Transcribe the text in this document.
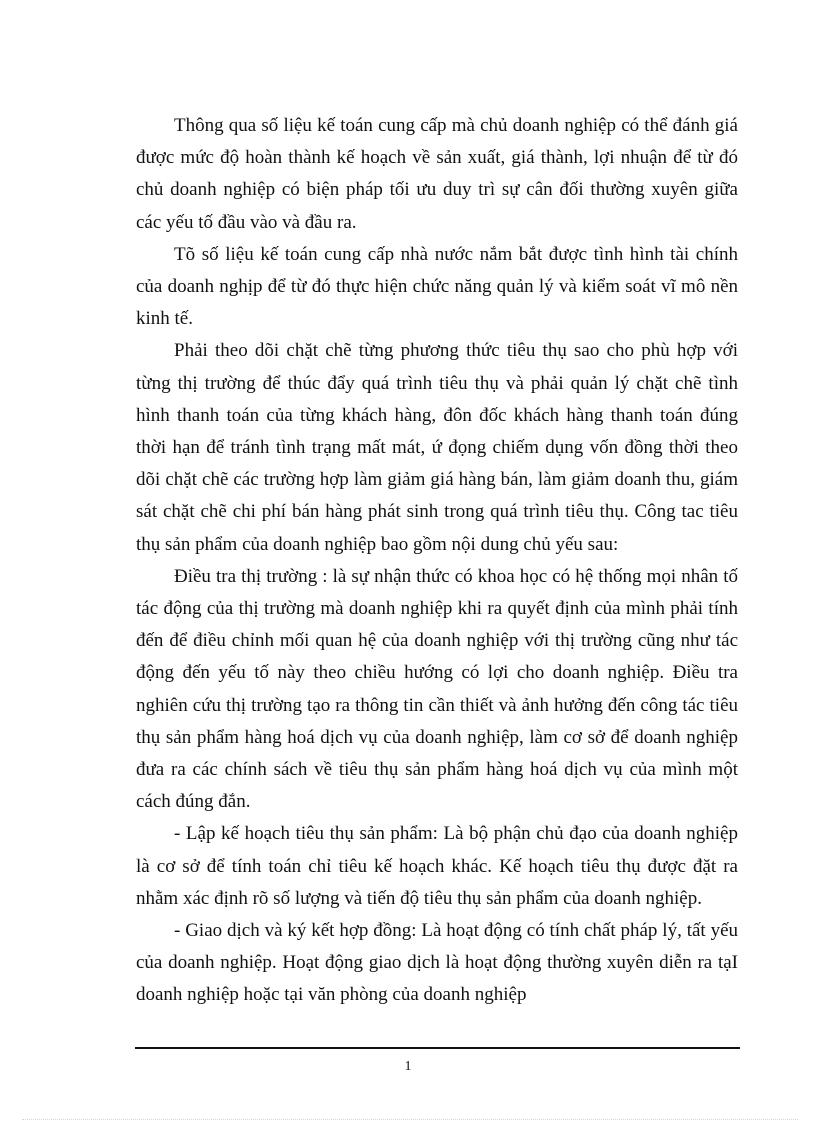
Thông qua số liệu kế toán cung cấp mà chủ doanh nghiệp có thể đánh giá được mức độ hoàn thành kế hoạch về sản xuất, giá thành, lợi nhuận để từ đó chủ doanh nghiệp có biện pháp tối ưu duy trì sự cân đối thường xuyên giữa các yếu tố đầu vào và đầu ra.

Tõ số liệu kế toán cung cấp nhà nước nắm bắt được tình hình tài chính của doanh nghịp để từ đó thực hiện chức năng quản lý và kiểm soát vĩ mô nền kinh tế.

Phải theo dõi chặt chẽ từng phương thức tiêu thụ sao cho phù hợp với từng thị trường để thúc đẩy quá trình tiêu thụ và phải quản lý chặt chẽ tình hình thanh toán của từng khách hàng, đôn đốc khách hàng thanh toán đúng thời hạn để tránh tình trạng mất mát, ứ đọng chiếm dụng vốn đồng thời theo dõi chặt chẽ các trường hợp làm giảm giá hàng bán, làm giảm doanh thu, giám sát chặt chẽ chi phí bán hàng phát sinh trong quá trình tiêu thụ. Công tac tiêu thụ sản phẩm của doanh nghiệp bao gồm nội dung chủ yếu sau:

Điều tra thị trường : là sự nhận thức có khoa học có hệ thống mọi nhân tố tác động của thị trường mà doanh nghiệp khi ra quyết định của mình phải tính đến để điều chỉnh mối quan hệ của doanh nghiệp với thị trường cũng như tác động đến yếu tố này theo chiều hướng có lợi cho doanh nghiệp. Điều tra nghiên cứu thị trường tạo ra thông tin cần thiết và ảnh hưởng đến công tác tiêu thụ sản phẩm hàng hoá dịch vụ của doanh nghiệp, làm cơ sở để doanh nghiệp đưa ra các chính sách về tiêu thụ sản phẩm hàng hoá dịch vụ của mình một cách đúng đắn.

- Lập kế hoạch tiêu thụ sản phẩm: Là bộ phận chủ đạo của doanh nghiệp là cơ sở để tính toán chỉ tiêu kế hoạch khác. Kế hoạch tiêu thụ được đặt ra nhằm xác định rõ số lượng và tiến độ tiêu thụ sản phẩm của doanh nghiệp.

- Giao dịch và ký kết hợp đồng: Là hoạt động có tính chất pháp lý, tất yếu của doanh nghiệp. Hoạt động giao dịch là hoạt động thường xuyên diễn ra tạI doanh nghiệp hoặc tại văn phòng của doanh nghiệp

1
